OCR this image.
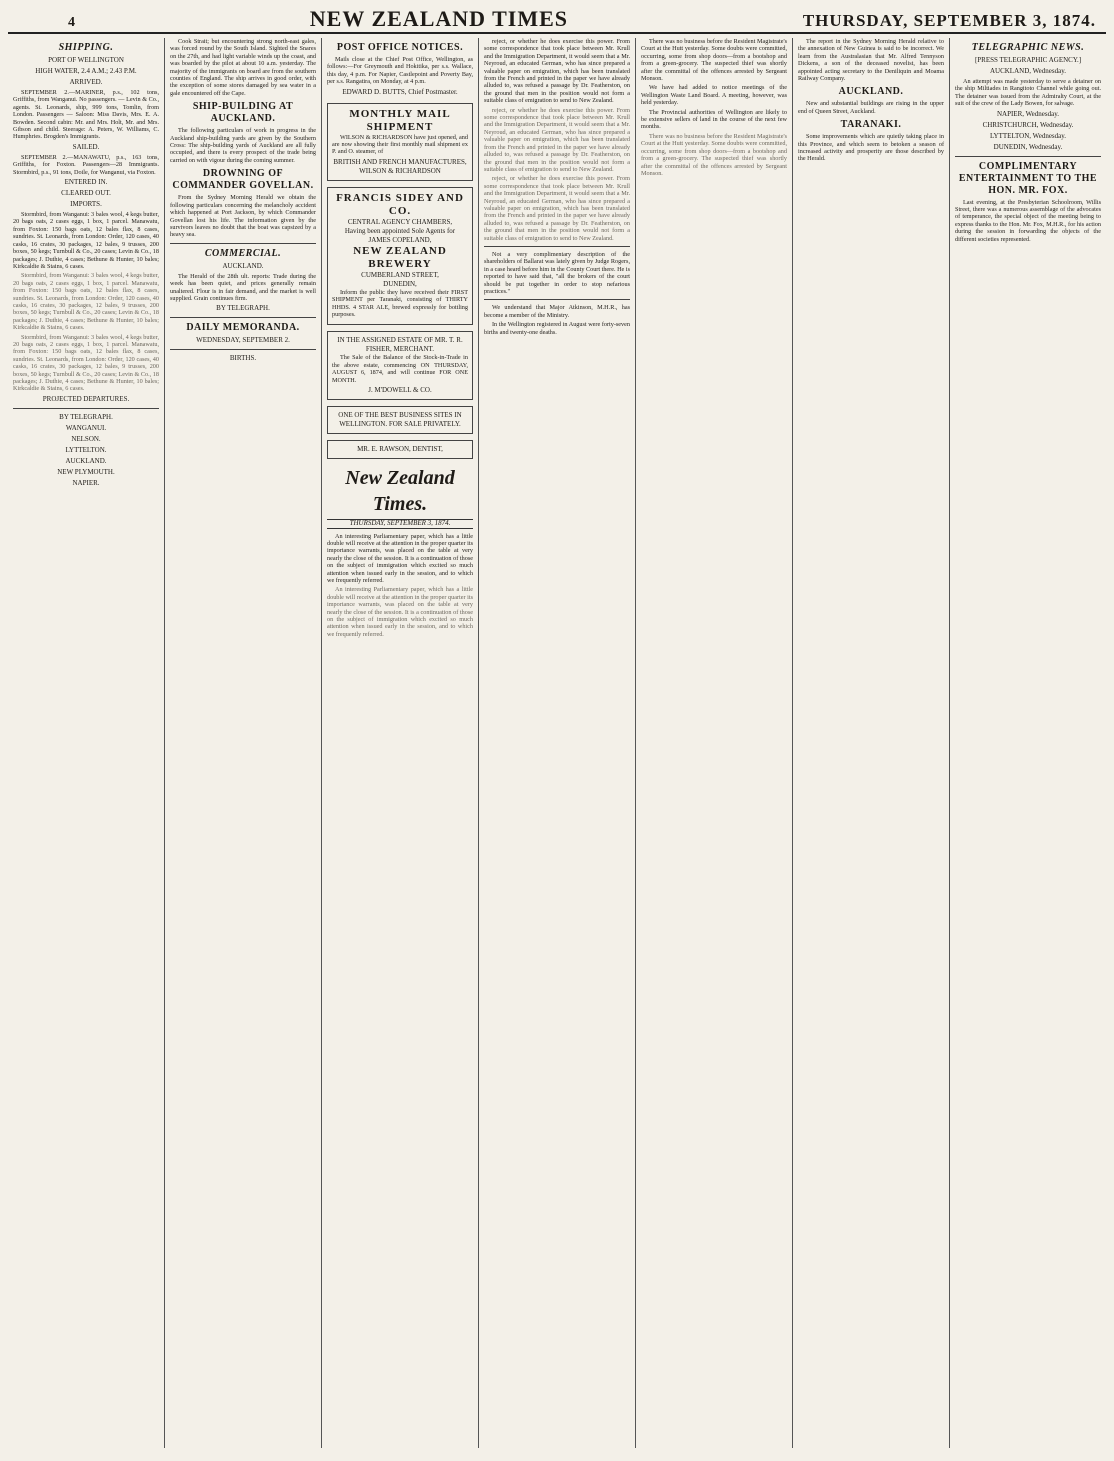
4	NEW ZEALAND TIMES	THURSDAY, SEPTEMBER 3, 1874.
SHIPPING.
PORT OF WELLINGTON
HIGH WATER, 2.4 A.M.; 2.43 P.M.
ARRIVED.

SEPTEMBER 2.—MARINER, p.s., 102 tons, Griffiths, from Wanganui. No passengers. — Levin & Co., agents. St. Leonards, ship, 999 tons, Tomlin, from London. Passengers — Saloon: Miss Davis, Mrs. E. A. Bowden. Second cabin: Mr. and Mrs. Holt, Mr. and Mrs. Gibson and child. Steerage: A. Peters, W. Williams, C. Humphries. Brogden's Immigrants.

SAILED.

SEPTEMBER 2.—MANAWATU, p.s., 163 tons, Griffiths, for Foxton. Passengers—28 Immigrants. Stormbird, p.s., 91 tons, Doile, for Wanganui, via Foxton.

ENTERED IN.
CLEARED OUT.
IMPORTS.

Stormbird, from Wanganui: 3 bales wool, 4 kegs butter, 20 bags oats, 2 cases eggs, 1 box, 1 parcel. Manawatu, from Foxton: 150 bags oats, 12 bales flax, 8 cases, sundries. St. Leonards, from London: Order, 120 cases, 40 casks, 16 crates, 30 packages, 12 bales, 9 trusses, 200 boxes, 50 kegs; Turnbull & Co., 20 cases; Levin & Co., 18 packages; J. Duthie, 4 cases; Bethune & Hunter, 10 bales; Kirkcaldie & Stains, 6 cases.

Stormbird, from Wanganui: 3 bales wool, 4 kegs butter, 20 bags oats, 2 cases eggs, 1 box, 1 parcel. Manawatu, from Foxton: 150 bags oats, 12 bales flax, 8 cases, sundries. St. Leonards, from London: Order, 120 cases, 40 casks, 16 crates, 30 packages, 12 bales, 9 trusses, 200 boxes, 50 kegs; Turnbull & Co., 20 cases; Levin & Co., 18 packages; J. Duthie, 4 cases; Bethune & Hunter, 10 bales; Kirkcaldie & Stains, 6 cases.

Stormbird, from Wanganui: 3 bales wool, 4 kegs butter, 20 bags oats, 2 cases eggs, 1 box, 1 parcel. Manawatu, from Foxton: 150 bags oats, 12 bales flax, 8 cases, sundries. St. Leonards, from London: Order, 120 cases, 40 casks, 16 crates, 30 packages, 12 bales, 9 trusses, 200 boxes, 50 kegs; Turnbull & Co., 20 cases; Levin & Co., 18 packages; J. Duthie, 4 cases; Bethune & Hunter, 10 bales; Kirkcaldie & Stains, 6 cases.

PROJECTED DEPARTURES.
BY TELEGRAPH.
WANGANUI.
NELSON.
LYTTELTON.
AUCKLAND.
NEW PLYMOUTH.
NAPIER.

Cook Strait; but encountering strong north-east gales, was forced round by the South Island. Sighted the Snares on the 27th, and had light variable winds up the coast, and was boarded by the pilot at about 10 a.m. yesterday. The majority of the immigrants on board are from the southern counties of England. The ship arrives in good order, with the exception of some stores damaged by sea water in a gale encountered off the Cape.

SHIP-BUILDING AT AUCKLAND.

The following particulars of work in progress in the Auckland ship-building yards are given by the Southern Cross: The ship-building yards of Auckland are all fully occupied, and there is every prospect of the trade being carried on with vigour during the coming summer.

DROWNING OF COMMANDER GOVELLAN.

From the Sydney Morning Herald we obtain the following particulars concerning the melancholy accident which happened at Port Jackson, by which Commander Govellan lost his life. The information given by the survivors leaves no doubt that the boat was capsized by a heavy sea.

COMMERCIAL.
AUCKLAND.

The Herald of the 28th ult. reports: Trade during the week has been quiet, and prices generally remain unaltered. Flour is in fair demand, and the market is well supplied. Grain continues firm.

BY TELEGRAPH.
DAILY MEMORANDA.
WEDNESDAY, SEPTEMBER 2.
BIRTHS.
POST OFFICE NOTICES.

Mails close at the Chief Post Office, Wellington, as follows:—For Greymouth and Hokitika, per s.s. Wallace, this day, 4 p.m. For Napier, Castlepoint and Poverty Bay, per s.s. Rangatira, on Monday, at 4 p.m.

EDWARD D. BUTTS, Chief Postmaster.
MONTHLY MAIL SHIPMENT

WILSON & RICHARDSON have just opened, and are now showing their first monthly mail shipment ex P. and O. steamer, of

BRITISH AND FRENCH MANUFACTURES,
WILSON & RICHARDSON
FRANCIS SIDEY AND CO.
CENTRAL AGENCY CHAMBERS,
Having been appointed Sole Agents for
JAMES COPELAND,
NEW ZEALAND BREWERY
CUMBERLAND STREET,
DUNEDIN,

Inform the public they have received their FIRST SHIPMENT per Taranaki, consisting of THIRTY HHDS. 4 STAR ALE, brewed expressly for bottling purposes.

IN THE ASSIGNED ESTATE OF MR. T. R. FISHER, MERCHANT.

The Sale of the Balance of the Stock-in-Trade in the above estate, commencing ON THURSDAY, AUGUST 6, 1874, and will continue FOR ONE MONTH.

J. M'DOWELL & CO.
ONE OF THE BEST BUSINESS SITES IN WELLINGTON. FOR SALE PRIVATELY.
MR. E. RAWSON, DENTIST,
New Zealand Times.
THURSDAY, SEPTEMBER 3, 1874.

An interesting Parliamentary paper, which has a little double will receive at the attention in the proper quarter its importance warrants, was placed on the table at very nearly the close of the session. It is a continuation of those on the subject of immigration which excited so much attention when issued early in the session, and to which we frequently referred.

An interesting Parliamentary paper, which has a little double will receive at the attention in the proper quarter its importance warrants, was placed on the table at very nearly the close of the session. It is a continuation of those on the subject of immigration which excited so much attention when issued early in the session, and to which we frequently referred.

reject, or whether he does exercise this power. From some correspondence that took place between Mr. Krull and the Immigration Department, it would seem that a Mr. Neyroud, an educated German, who has since prepared a valuable paper on emigration, which has been translated from the French and printed in the paper we have already alluded to, was refused a passage by Dr. Featherston, on the ground that men in the position would not form a suitable class of emigration to send to New Zealand.

reject, or whether he does exercise this power. From some correspondence that took place between Mr. Krull and the Immigration Department, it would seem that a Mr. Neyroud, an educated German, who has since prepared a valuable paper on emigration, which has been translated from the French and printed in the paper we have already alluded to, was refused a passage by Dr. Featherston, on the ground that men in the position would not form a suitable class of emigration to send to New Zealand.

reject, or whether he does exercise this power. From some correspondence that took place between Mr. Krull and the Immigration Department, it would seem that a Mr. Neyroud, an educated German, who has since prepared a valuable paper on emigration, which has been translated from the French and printed in the paper we have already alluded to, was refused a passage by Dr. Featherston, on the ground that men in the position would not form a suitable class of emigration to send to New Zealand.

Not a very complimentary description of the shareholders of Ballarat was lately given by Judge Rogers, in a case heard before him in the County Court there. He is reported to have said that, "all the brokers of the court should be put together in order to stop nefarious practices."

We understand that Major Atkinson, M.H.R., has become a member of the Ministry.

In the Wellington registered in August were forty-seven births and twenty-one deaths.

There was no business before the Resident Magistrate's Court at the Hutt yesterday. Some doubts were committed, occurring, some from shop doors—from a bootshop and from a green-grocery. The suspected thief was shortly after the committal of the offences arrested by Sergeant Monson.

We have had added to notice meetings of the Wellington Waste Land Board. A meeting, however, was held yesterday.

The Provincial authorities of Wellington are likely to be extensive sellers of land in the course of the next few months.

There was no business before the Resident Magistrate's Court at the Hutt yesterday. Some doubts were committed, occurring, some from shop doors—from a bootshop and from a green-grocery. The suspected thief was shortly after the committal of the offences arrested by Sergeant Monson.

The report in the Sydney Morning Herald relative to the annexation of New Guinea is said to be incorrect. We learn from the Australasian that Mr. Alfred Tennyson Dickens, a son of the deceased novelist, has been appointed acting secretary to the Deniliquin and Moama Railway Company.

AUCKLAND.

New and substantial buildings are rising in the upper end of Queen Street, Auckland.

TARANAKI.

Some improvements which are quietly taking place in this Province, and which seem to betoken a season of increased activity and prosperity are those described by the Herald.

TELEGRAPHIC NEWS.
[PRESS TELEGRAPHIC AGENCY.]
AUCKLAND, Wednesday.

An attempt was made yesterday to serve a detainer on the ship Miltiades in Rangitoto Channel while going out. The detainer was issued from the Admiralty Court, at the suit of the crew of the Lady Bowen, for salvage.

NAPIER, Wednesday.
CHRISTCHURCH, Wednesday.
LYTTELTON, Wednesday.
DUNEDIN, Wednesday.
COMPLIMENTARY ENTERTAINMENT TO THE HON. MR. FOX.

Last evening, at the Presbyterian Schoolroom, Willis Street, there was a numerous assemblage of the advocates of temperance, the special object of the meeting being to express thanks to the Hon. Mr. Fox, M.H.R., for his action during the session in forwarding the objects of the different societies represented.
